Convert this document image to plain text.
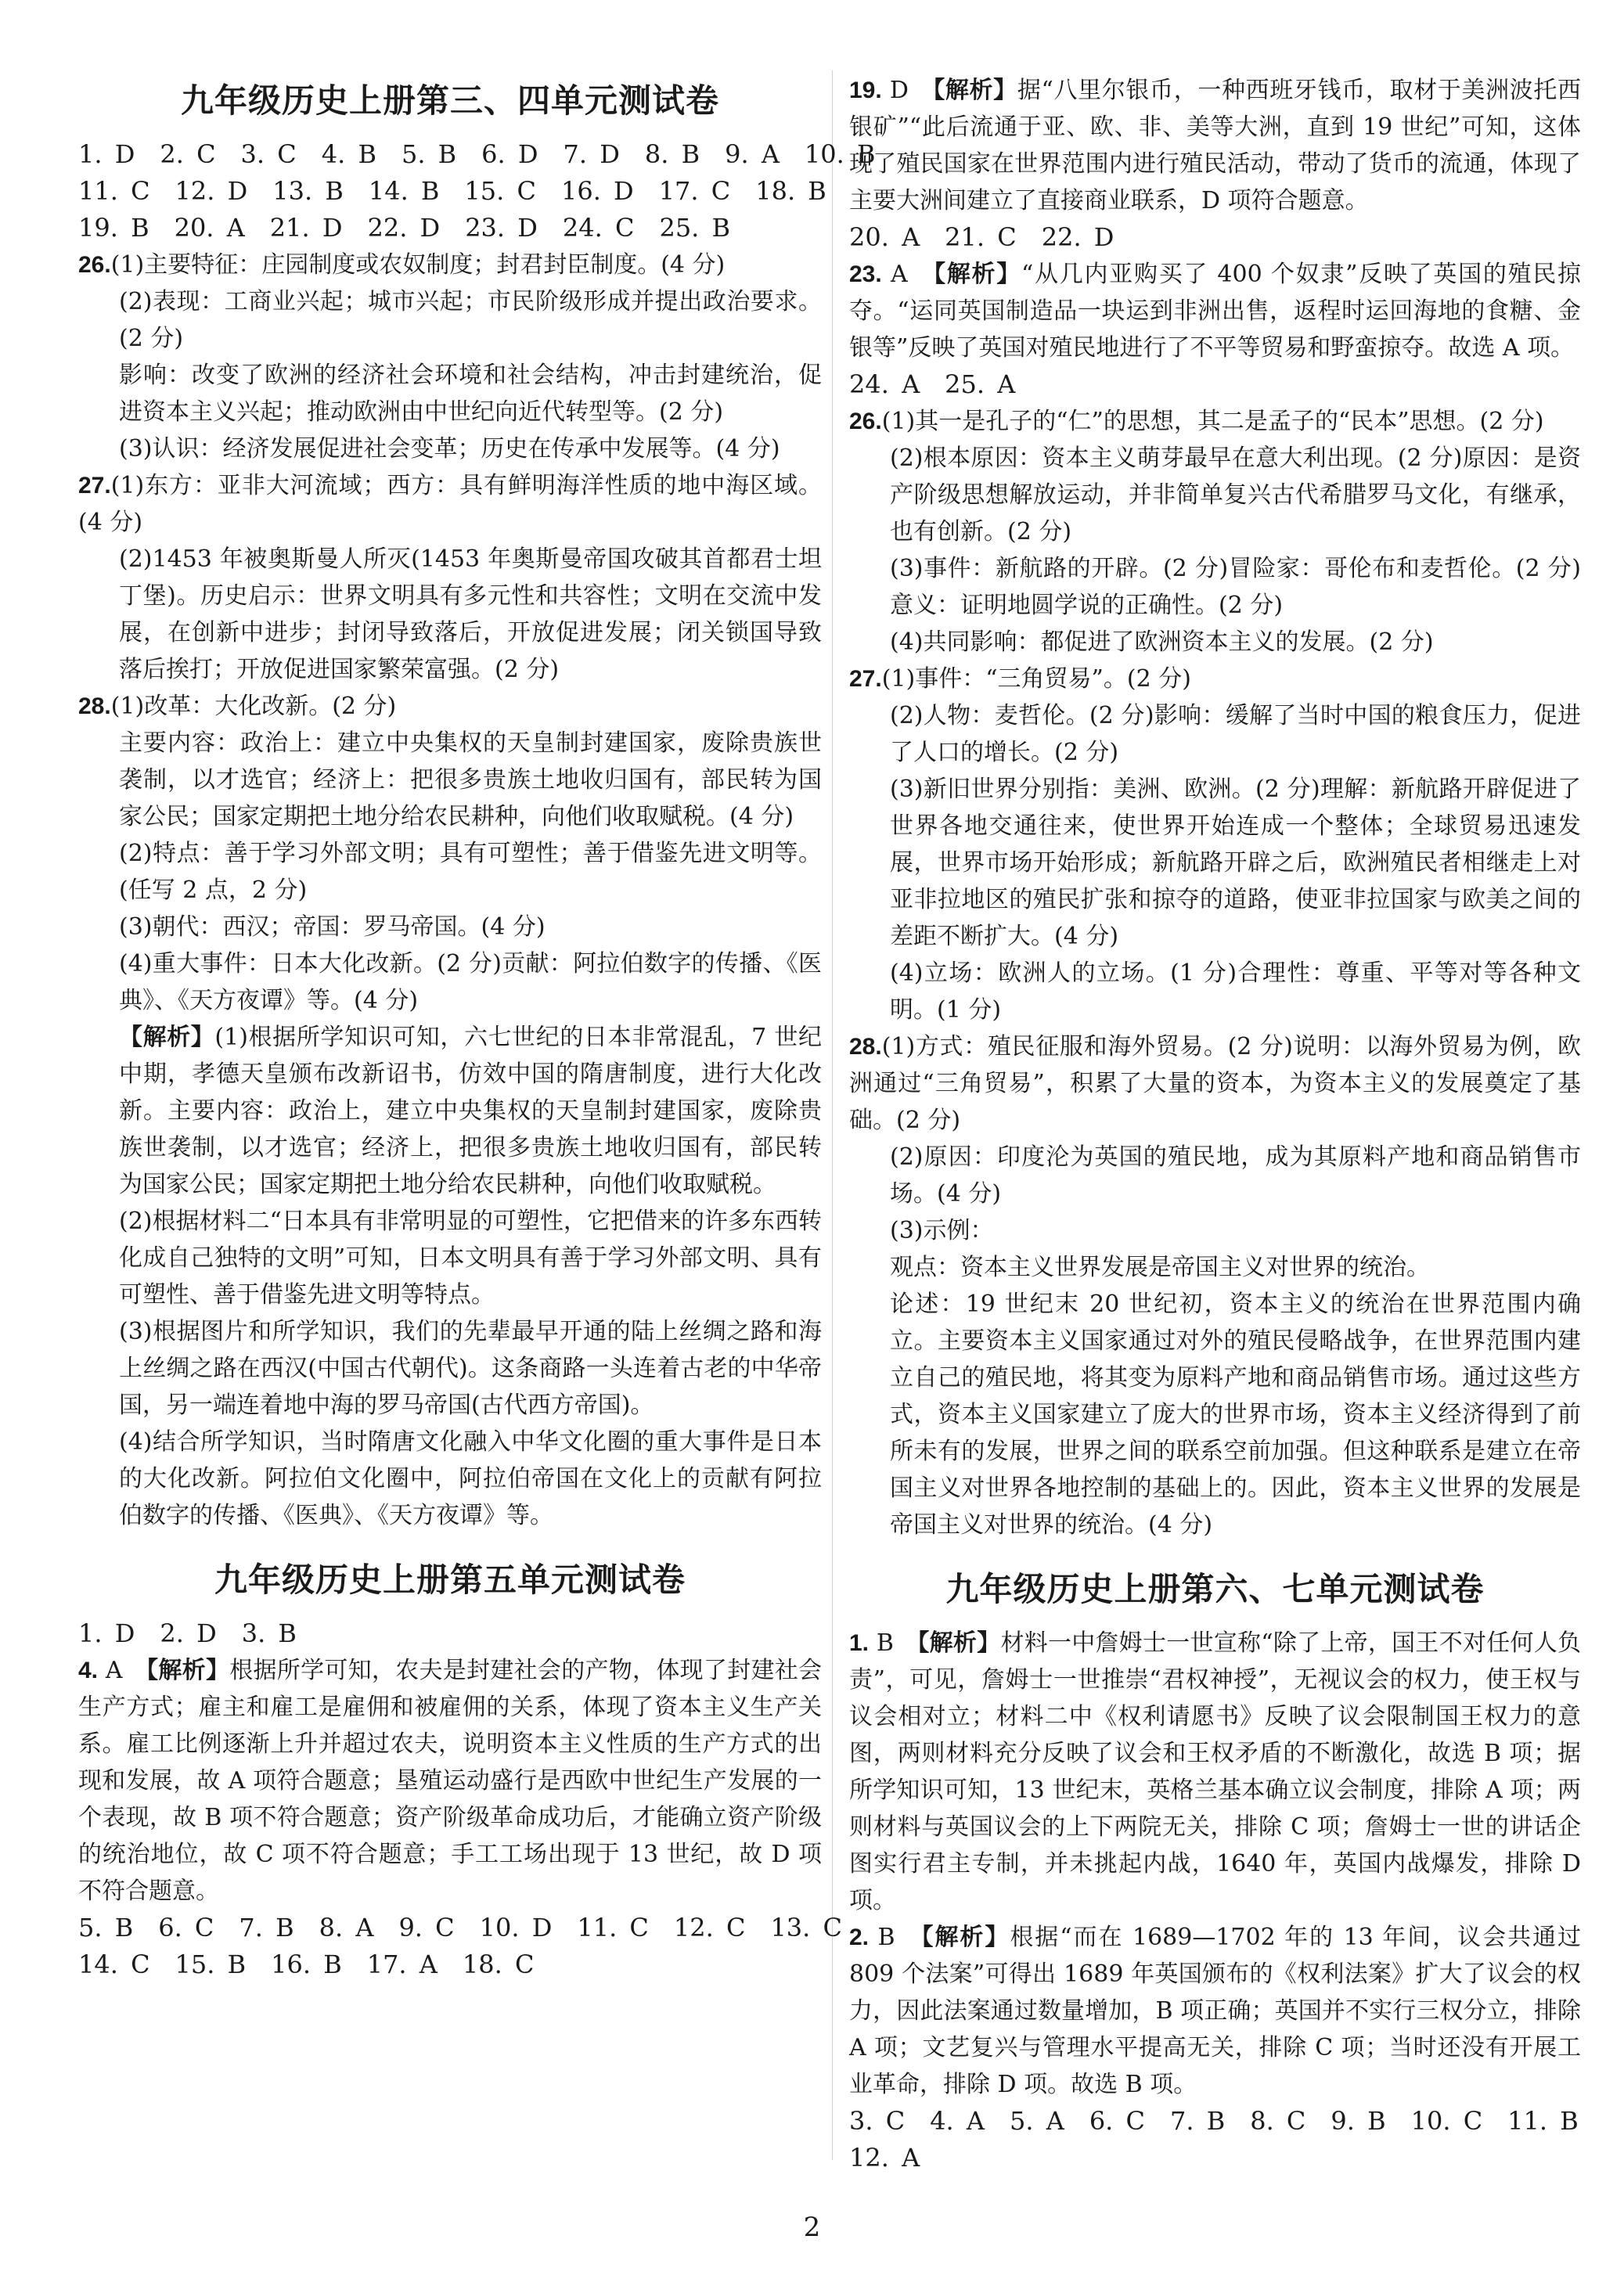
九年级历史上册第三、四单元测试卷
1. D　2. C　3. C　4. B　5. B　6. D　7. D　8. B　9. A　10. B
11. C　12. D　13. B　14. B　15. C　16. D　17. C　18. B
19. B　20. A　21. D　22. D　23. D　24. C　25. B
26.(1)主要特征：庄园制度或农奴制度；封君封臣制度。(4 分)
(2)表现：工商业兴起；城市兴起；市民阶级形成并提出政治要求。(2 分)
影响：改变了欧洲的经济社会环境和社会结构，冲击封建统治，促进资本主义兴起；推动欧洲由中世纪向近代转型等。(2 分)
(3)认识：经济发展促进社会变革；历史在传承中发展等。(4 分)
27.(1)东方：亚非大河流域；西方：具有鲜明海洋性质的地中海区域。(4 分)
(2)1453 年被奥斯曼人所灭(1453 年奥斯曼帝国攻破其首都君士坦丁堡)。历史启示：世界文明具有多元性和共容性；文明在交流中发展，在创新中进步；封闭导致落后，开放促进发展；闭关锁国导致落后挨打；开放促进国家繁荣富强。(2 分)
28.(1)改革：大化改新。(2 分)
主要内容：政治上：建立中央集权的天皇制封建国家，废除贵族世袭制，以才选官；经济上：把很多贵族土地收归国有，部民转为国家公民；国家定期把土地分给农民耕种，向他们收取赋税。(4 分)
(2)特点：善于学习外部文明；具有可塑性；善于借鉴先进文明等。(任写 2 点，2 分)
(3)朝代：西汉；帝国：罗马帝国。(4 分)
(4)重大事件：日本大化改新。(2 分)贡献：阿拉伯数字的传播、《医典》、《天方夜谭》等。(4 分)
【解析】(1)根据所学知识可知，六七世纪的日本非常混乱，7 世纪中期，孝德天皇颁布改新诏书，仿效中国的隋唐制度，进行大化改新。主要内容：政治上，建立中央集权的天皇制封建国家，废除贵族世袭制，以才选官；经济上，把很多贵族土地收归国有，部民转为国家公民；国家定期把土地分给农民耕种，向他们收取赋税。
(2)根据材料二“日本具有非常明显的可塑性，它把借来的许多东西转化成自己独特的文明”可知，日本文明具有善于学习外部文明、具有可塑性、善于借鉴先进文明等特点。
(3)根据图片和所学知识，我们的先辈最早开通的陆上丝绸之路和海上丝绸之路在西汉(中国古代朝代)。这条商路一头连着古老的中华帝国，另一端连着地中海的罗马帝国(古代西方帝国)。
(4)结合所学知识，当时隋唐文化融入中华文化圈的重大事件是日本的大化改新。阿拉伯文化圈中，阿拉伯帝国在文化上的贡献有阿拉伯数字的传播、《医典》、《天方夜谭》等。
九年级历史上册第五单元测试卷
1. D　2. D　3. B
4. A　【解析】根据所学可知，农夫是封建社会的产物，体现了封建社会生产方式；雇主和雇工是雇佣和被雇佣的关系，体现了资本主义生产关系。雇工比例逐渐上升并超过农夫，说明资本主义性质的生产方式的出现和发展，故 A 项符合题意；垦殖运动盛行是西欧中世纪生产发展的一个表现，故 B 项不符合题意；资产阶级革命成功后，才能确立资产阶级的统治地位，故 C 项不符合题意；手工工场出现于 13 世纪，故 D 项不符合题意。
5. B　6. C　7. B　8. A　9. C　10. D　11. C　12. C　13. C
14. C　15. B　16. B　17. A　18. C
19. D　【解析】据“八里尔银币，一种西班牙钱币，取材于美洲波托西银矿”“此后流通于亚、欧、非、美等大洲，直到 19 世纪”可知，这体现了殖民国家在世界范围内进行殖民活动，带动了货币的流通，体现了主要大洲间建立了直接商业联系，D 项符合题意。
20. A　21. C　22. D
23. A　【解析】“从几内亚购买了 400 个奴隶”反映了英国的殖民掠夺。“运同英国制造品一块运到非洲出售，返程时运回海地的食糖、金银等”反映了英国对殖民地进行了不平等贸易和野蛮掠夺。故选 A 项。
24. A　25. A
26.(1)其一是孔子的“仁”的思想，其二是孟子的“民本”思想。(2 分)
(2)根本原因：资本主义萌芽最早在意大利出现。(2 分)原因：是资产阶级思想解放运动，并非简单复兴古代希腊罗马文化，有继承，也有创新。(2 分)
(3)事件：新航路的开辟。(2 分)冒险家：哥伦布和麦哲伦。(2 分)意义：证明地圆学说的正确性。(2 分)
(4)共同影响：都促进了欧洲资本主义的发展。(2 分)
27.(1)事件：“三角贸易”。(2 分)
(2)人物：麦哲伦。(2 分)影响：缓解了当时中国的粮食压力，促进了人口的增长。(2 分)
(3)新旧世界分别指：美洲、欧洲。(2 分)理解：新航路开辟促进了世界各地交通往来，使世界开始连成一个整体；全球贸易迅速发展，世界市场开始形成；新航路开辟之后，欧洲殖民者相继走上对亚非拉地区的殖民扩张和掠夺的道路，使亚非拉国家与欧美之间的差距不断扩大。(4 分)
(4)立场：欧洲人的立场。(1 分)合理性：尊重、平等对等各种文明。(1 分)
28.(1)方式：殖民征服和海外贸易。(2 分)说明：以海外贸易为例，欧洲通过“三角贸易”，积累了大量的资本，为资本主义的发展奠定了基础。(2 分)
(2)原因：印度沦为英国的殖民地，成为其原料产地和商品销售市场。(4 分)
(3)示例：
观点：资本主义世界发展是帝国主义对世界的统治。
论述：19 世纪末 20 世纪初，资本主义的统治在世界范围内确立。主要资本主义国家通过对外的殖民侵略战争，在世界范围内建立自己的殖民地，将其变为原料产地和商品销售市场。通过这些方式，资本主义国家建立了庞大的世界市场，资本主义经济得到了前所未有的发展，世界之间的联系空前加强。但这种联系是建立在帝国主义对世界各地控制的基础上的。因此，资本主义世界的发展是帝国主义对世界的统治。(4 分)
九年级历史上册第六、七单元测试卷
1. B　【解析】材料一中詹姆士一世宣称“除了上帝，国王不对任何人负责”，可见，詹姆士一世推崇“君权神授”，无视议会的权力，使王权与议会相对立；材料二中《权利请愿书》反映了议会限制国王权力的意图，两则材料充分反映了议会和王权矛盾的不断激化，故选 B 项；据所学知识可知，13 世纪末，英格兰基本确立议会制度，排除 A 项；两则材料与英国议会的上下两院无关，排除 C 项；詹姆士一世的讲话企图实行君主专制，并未挑起内战，1640 年，英国内战爆发，排除 D 项。
2. B　【解析】根据“而在 1689—1702 年的 13 年间，议会共通过 809 个法案”可得出 1689 年英国颁布的《权利法案》扩大了议会的权力，因此法案通过数量增加，B 项正确；英国并不实行三权分立，排除 A 项；文艺复兴与管理水平提高无关，排除 C 项；当时还没有开展工业革命，排除 D 项。故选 B 项。
3. C　4. A　5. A　6. C　7. B　8. C　9. B　10. C　11. B
12. A
2
